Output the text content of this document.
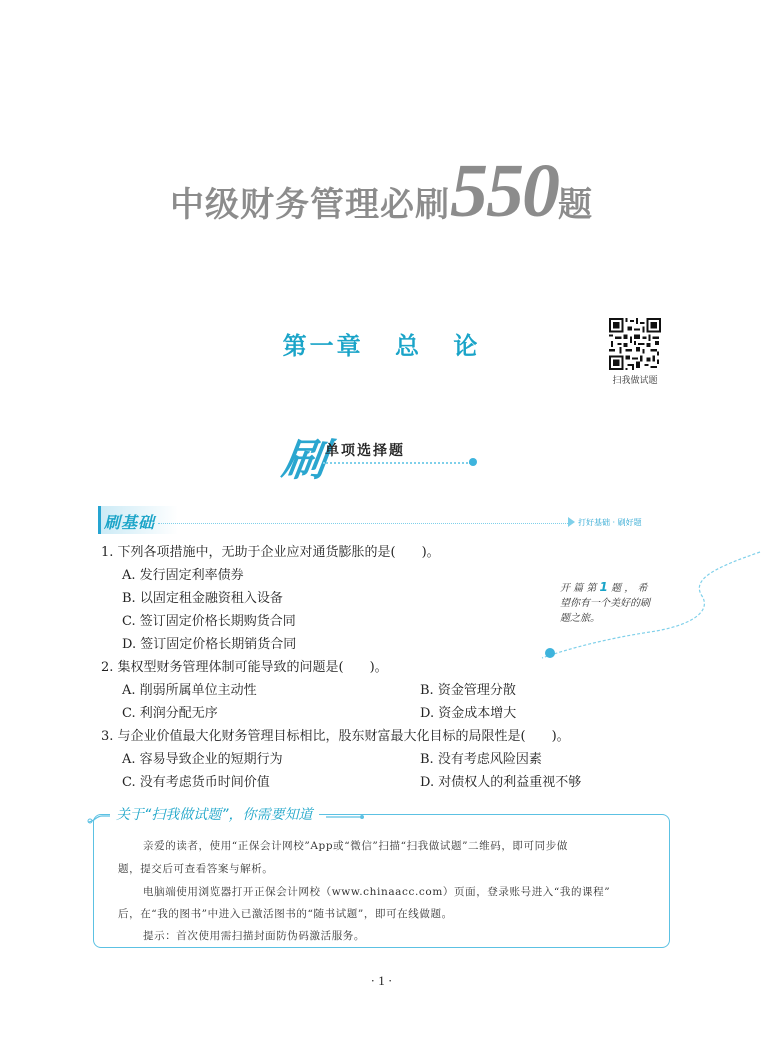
中级财务管理必刷550题
第一章 总 论
扫我做试题
刷
单项选择题
刷基础	打好基础 · 刷好题
1. 下列各项措施中，无助于企业应对通货膨胀的是(　　)。
A. 发行固定利率债券
B. 以固定租金融资租入设备
C. 签订固定价格长期购货合同
D. 签订固定价格长期销货合同
2. 集权型财务管理体制可能导致的问题是(　　)。
A. 削弱所属单位主动性	B. 资金管理分散
C. 利润分配无序	D. 资金成本增大
3. 与企业价值最大化财务管理目标相比，股东财富最大化目标的局限性是(　　)。
A. 容易导致企业的短期行为	B. 没有考虑风险因素
C. 没有考虑货币时间价值	D. 对债权人的利益重视不够
开 篇 第 1 题 ， 希
望你有一个美好的刷
题之旅。
关于“扫我做试题”，你需要知道
亲爱的读者，使用“正保会计网校”App或“微信”扫描“扫我做试题”二维码，即可同步做
题，提交后可查看答案与解析。
电脑端使用浏览器打开正保会计网校（www.chinaacc.com）页面，登录账号进入“我的课程”
后，在“我的图书”中进入已激活图书的“随书试题”，即可在线做题。
提示：首次使用需扫描封面防伪码激活服务。
· 1 ·
